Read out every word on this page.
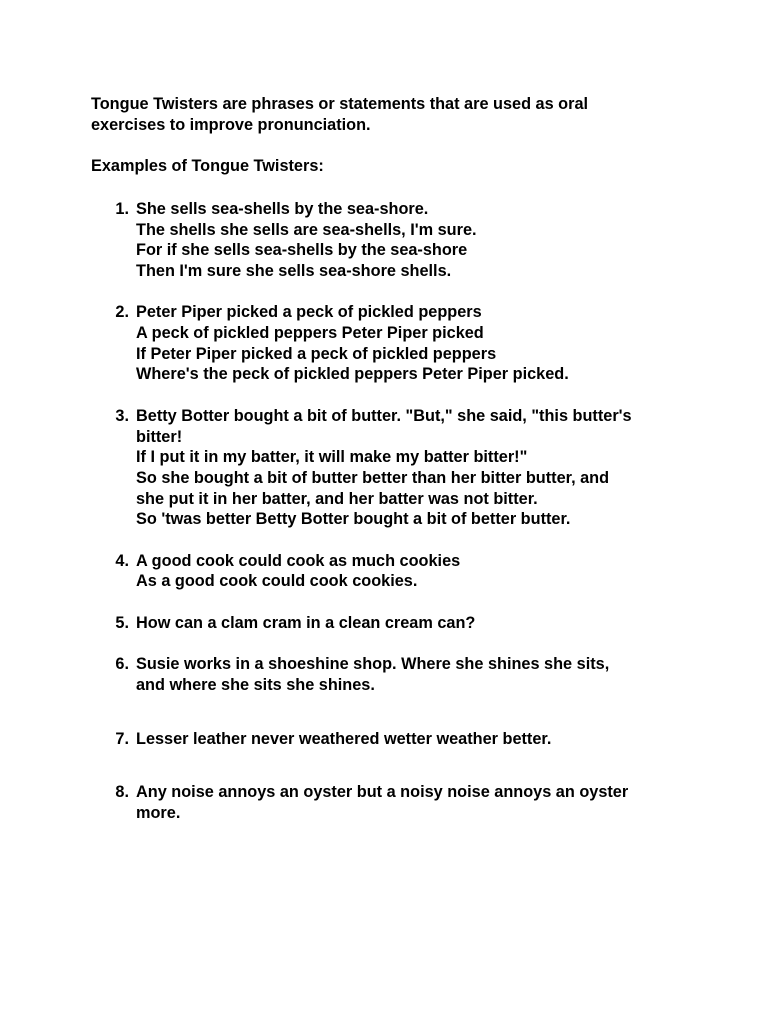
Tongue Twisters are phrases or statements that are used as oral
exercises to improve pronunciation.

Examples of Tongue Twisters:

1. She sells sea-shells by the sea-shore.
The shells she sells are sea-shells, I'm sure.
For if she sells sea-shells by the sea-shore
Then I'm sure she sells sea-shore shells.
2. Peter Piper picked a peck of pickled peppers
A peck of pickled peppers Peter Piper picked
If Peter Piper picked a peck of pickled peppers
Where's the peck of pickled peppers Peter Piper picked.
3. Betty Botter bought a bit of butter. "But," she said, "this butter's
bitter!
If I put it in my batter, it will make my batter bitter!"
So she bought a bit of butter better than her bitter butter, and
she put it in her batter, and her batter was not bitter.
So 'twas better Betty Botter bought a bit of better butter.
4. A good cook could cook as much cookies
As a good cook could cook cookies.
5. How can a clam cram in a clean cream can?
6. Susie works in a shoeshine shop. Where she shines she sits,
and where she sits she shines.
7. Lesser leather never weathered wetter weather better.
8. Any noise annoys an oyster but a noisy noise annoys an oyster
more.
